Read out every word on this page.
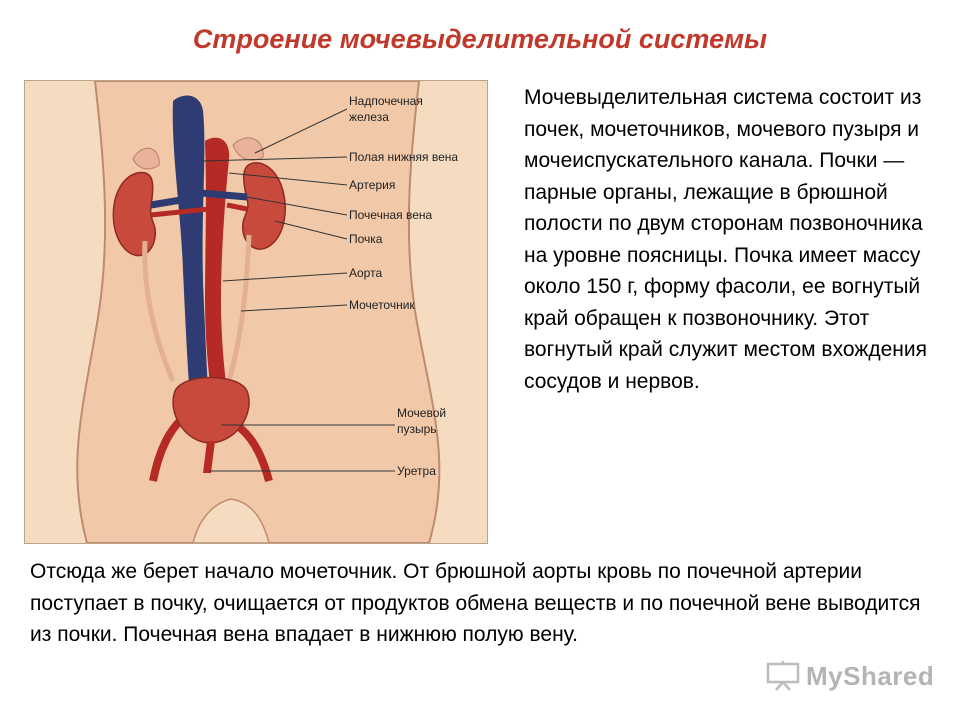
Строение мочевыделительной системы
Надпочечная
железа
Полая нижняя вена
Артерия
Почечная вена
Почка
Аорта
Мочеточник
Мочевой
пузырь
Уретра

Мочевыделительная система состоит из почек, мочеточников, мочевого пузыря и мочеиспускательного канала. Почки — парные органы, лежащие в брюшной полости по двум сторонам позвоночника на уровне поясницы. Почка имеет массу около 150 г, форму фасоли, ее вогнутый край обращен к позвоночнику. Этот вогнутый край служит местом вхождения сосудов и нервов.

Отсюда же берет начало мочеточник. От брюшной аорты кровь по почечной артерии поступает в почку, очищается от продуктов обмена веществ и по почечной вене выводится из почки. Почечная вена впадает в нижнюю полую вену.

MyShared
